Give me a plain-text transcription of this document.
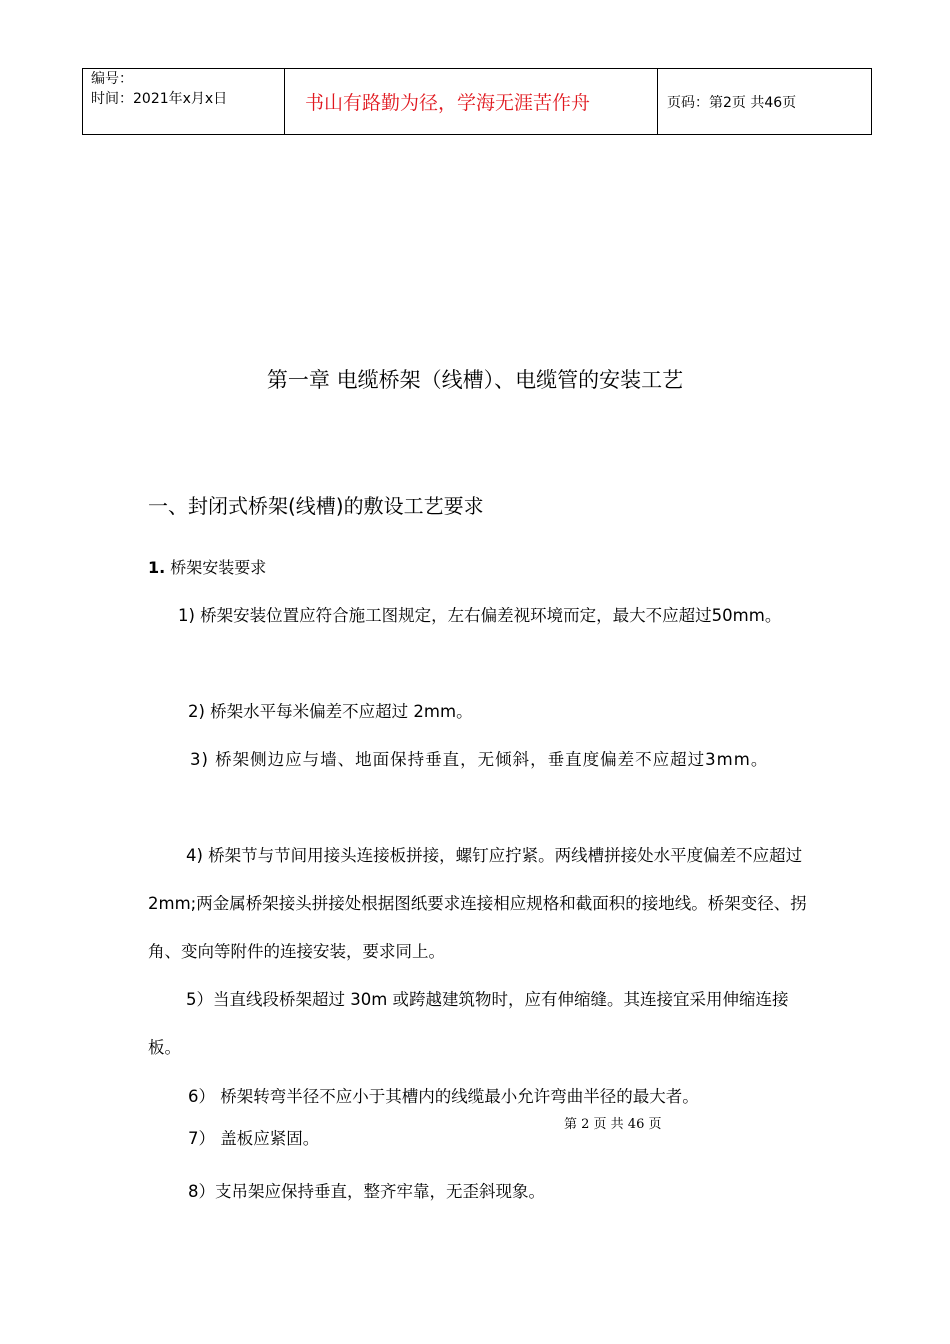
编号：
时间：2021年x月x日	书山有路勤为径，学海无涯苦作舟	页码：第2页 共46页
第一章 电缆桥架（线槽）、电缆管的安装工艺
一、封闭式桥架(线槽)的敷设工艺要求
1. 桥架安装要求
1) 桥架安装位置应符合施工图规定，左右偏差视环境而定，最大不应超过50mm。
2) 桥架水平每米偏差不应超过 2mm。
3) 桥架侧边应与墙、地面保持垂直，无倾斜，垂直度偏差不应超过3mm。
4) 桥架节与节间用接头连接板拼接，螺钉应拧紧。两线槽拼接处水平度偏差不应超过 2mm;两金属桥架接头拼接处根据图纸要求连接相应规格和截面积的接地线。桥架变径、拐角、变向等附件的连接安装，要求同上。
5）当直线段桥架超过 30m 或跨越建筑物时，应有伸缩缝。其连接宜采用伸缩连接板。
6） 桥架转弯半径不应小于其槽内的线缆最小允许弯曲半径的最大者。
7） 盖板应紧固。
8）支吊架应保持垂直，整齐牢靠，无歪斜现象。
第 2 页 共 46 页
